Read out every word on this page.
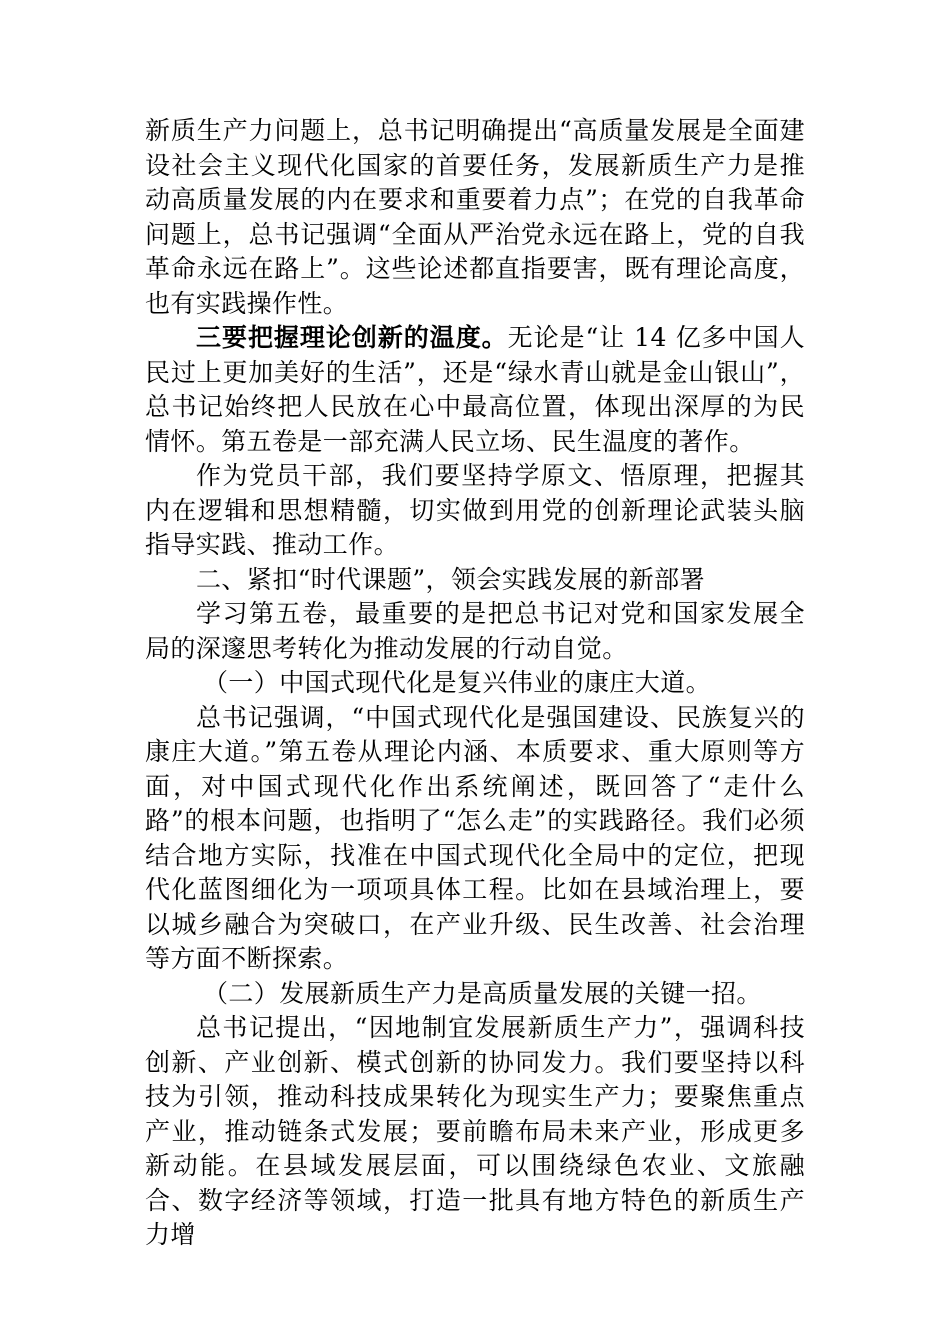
新质生产力问题上，总书记明确提出“高质量发展是全面建设社会主义现代化国家的首要任务，发展新质生产力是推动高质量发展的内在要求和重要着力点”；在党的自我革命问题上，总书记强调“全面从严治党永远在路上，党的自我革命永远在路上”。这些论述都直指要害，既有理论高度，也有实践操作性。

三要把握理论创新的温度。无论是“让 14 亿多中国人民过上更加美好的生活”，还是“绿水青山就是金山银山”，总书记始终把人民放在心中最高位置，体现出深厚的为民情怀。第五卷是一部充满人民立场、民生温度的著作。

作为党员干部，我们要坚持学原文、悟原理，把握其内在逻辑和思想精髓，切实做到用党的创新理论武装头脑指导实践、推动工作。

二、紧扣“时代课题”，领会实践发展的新部署

学习第五卷，最重要的是把总书记对党和国家发展全局的深邃思考转化为推动发展的行动自觉。

（一）中国式现代化是复兴伟业的康庄大道。

总书记强调，“中国式现代化是强国建设、民族复兴的康庄大道。”第五卷从理论内涵、本质要求、重大原则等方面，对中国式现代化作出系统阐述，既回答了“走什么路”的根本问题，也指明了“怎么走”的实践路径。我们必须结合地方实际，找准在中国式现代化全局中的定位，把现代化蓝图细化为一项项具体工程。比如在县域治理上，要以城乡融合为突破口，在产业升级、民生改善、社会治理等方面不断探索。

（二）发展新质生产力是高质量发展的关键一招。

总书记提出，“因地制宜发展新质生产力”，强调科技创新、产业创新、模式创新的协同发力。我们要坚持以科技为引领，推动科技成果转化为现实生产力；要聚焦重点产业，推动链条式发展；要前瞻布局未来产业，形成更多新动能。在县域发展层面，可以围绕绿色农业、文旅融合、数字经济等领域，打造一批具有地方特色的新质生产力增
